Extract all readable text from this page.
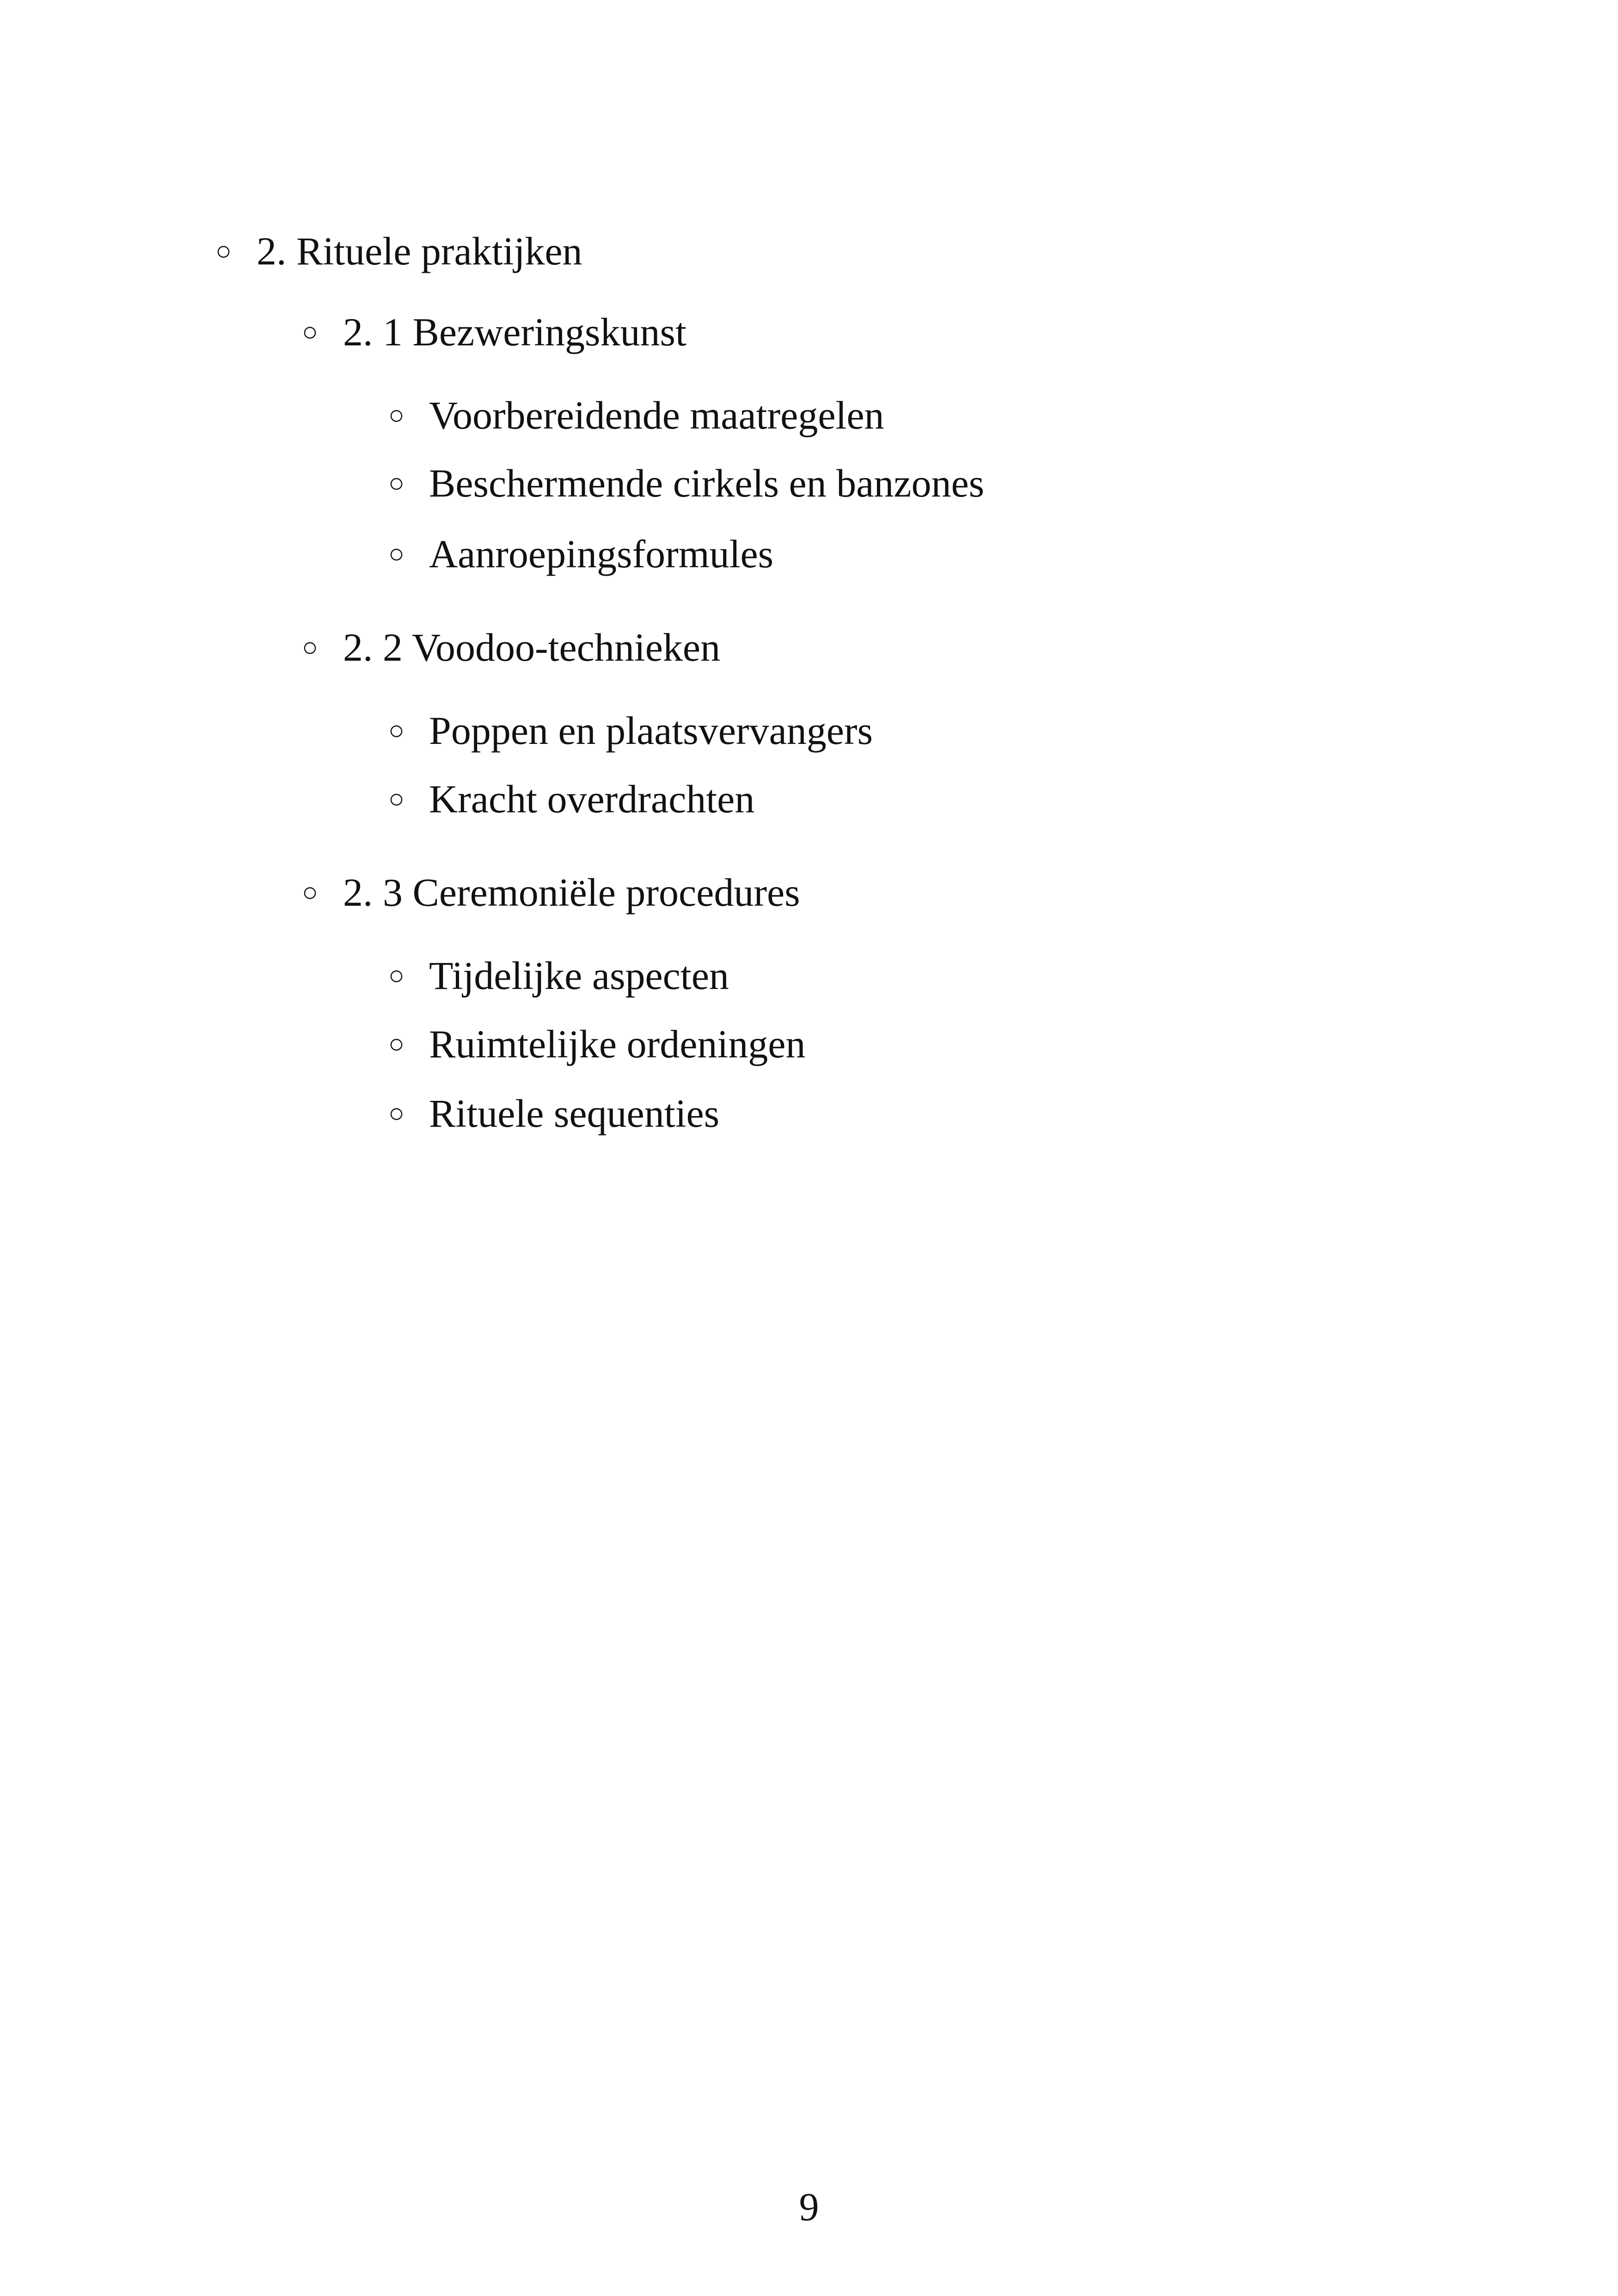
○ 2. Rituele praktijken
○ 2. 1 Bezweringskunst
○ Voorbereidende maatregelen
○ Beschermende cirkels en banzones
○ Aanroepingsformules
○ 2. 2 Voodoo-technieken
○ Poppen en plaatsvervangers
○ Kracht overdrachten
○ 2. 3 Ceremoniële procedures
○ Tijdelijke aspecten
○ Ruimtelijke ordeningen
○ Rituele sequenties
9
